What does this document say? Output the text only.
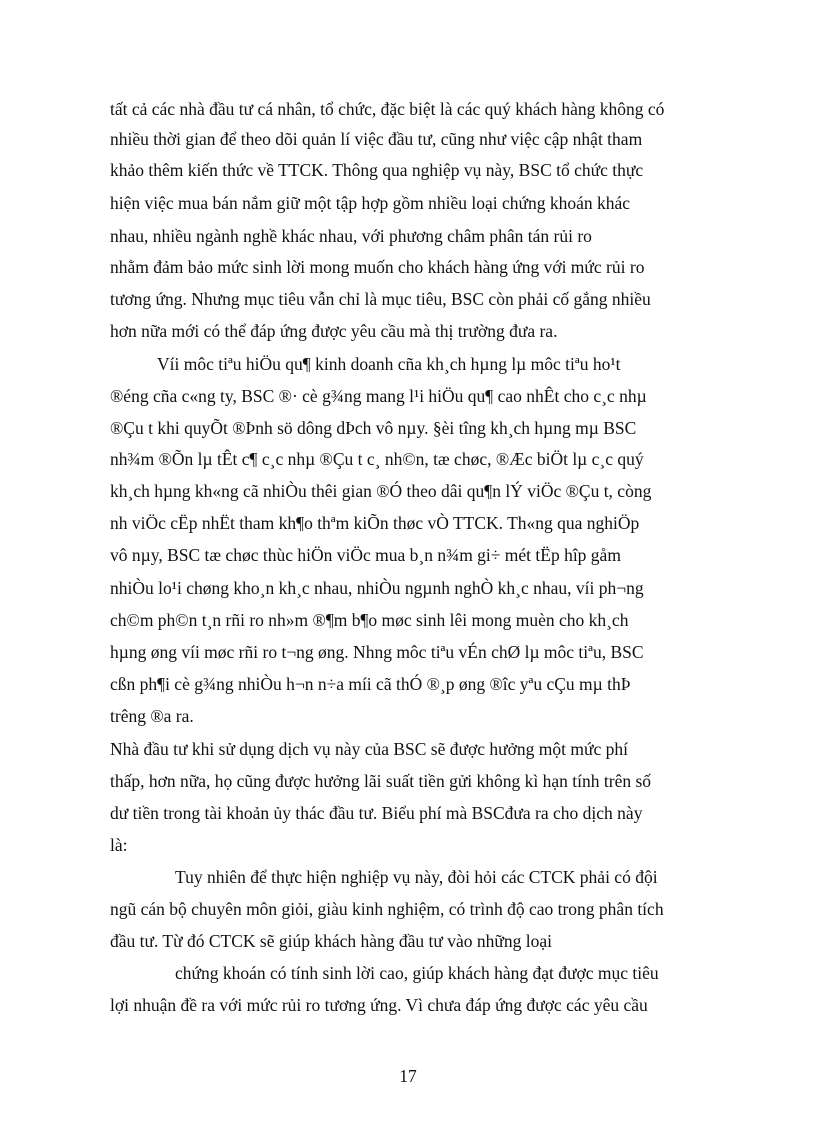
tất cả các nhà đầu tư cá nhân, tổ chức, đặc biệt là các quý khách hàng không có
nhiều thời gian để theo dõi quản lí việc đầu tư, cũng như việc cập nhật tham
khảo thêm kiến thức về TTCK. Thông qua nghiệp vụ này, BSC tổ chức thực
hiện việc mua bán nắm giữ một tập hợp gồm nhiều loại chứng khoán khác
nhau, nhiều ngành nghề khác nhau, với phương châm phân tán rủi ro
nhằm đảm bảo mức sinh lời mong muốn cho khách hàng ứng với mức rủi ro
tương ứng. Nhưng mục tiêu vẫn chỉ là mục tiêu, BSC còn phải cố gắng nhiều
hơn nữa mới có thể đáp ứng được yêu cầu mà thị trường đưa ra.
Víi môc tiªu hiÖu qu¶ kinh doanh cña kh¸ch hµng lµ môc tiªu ho¹t
®éng cña c«ng ty, BSC ®· cè g¾ng mang l¹i hiÖu qu¶ cao nhÊt cho c¸c nhµ
®Çu t khi quyÕt ®Þnh sö dông dÞch vô nµy. §èi tîng kh¸ch hµng mµ BSC
nh¾m ®Õn lµ tÊt c¶ c¸c nhµ ®Çu t c¸ nh©n, tæ chøc, ®Æc biÖt lµ c¸c quý
kh¸ch hµng kh«ng cã nhiÒu thêi gian ®Ó theo dâi qu¶n lÝ viÖc ®Çu t, còng
nh viÖc cËp nhËt tham kh¶o thªm kiÕn thøc vÒ TTCK. Th«ng qua nghiÖp
vô nµy, BSC tæ chøc thùc hiÖn viÖc mua b¸n n¾m gi÷ mét tËp hîp gåm
nhiÒu lo¹i chøng kho¸n kh¸c nhau, nhiÒu ngµnh nghÒ kh¸c nhau, víi ph¬ng
ch©m ph©n t¸n rñi ro nh»m ®¶m b¶o møc sinh lêi mong muèn cho kh¸ch
hµng øng víi møc rñi ro t¬ng øng. Nhng môc tiªu vÉn chØ lµ môc tiªu, BSC
cßn ph¶i cè g¾ng nhiÒu h¬n n÷a míi cã thÓ ®¸p øng ®îc yªu cÇu mµ thÞ
trêng ®a ra.
Nhà đầu tư khi sử dụng dịch vụ này của BSC sẽ được hưởng một mức phí
thấp, hơn nữa, họ cũng được hưởng lãi suất tiền gửi không kì hạn tính trên số
dư tiền trong tài khoản ủy thác đầu tư. Biểu phí mà BSCđưa ra cho dịch này
là:
Tuy nhiên để thực hiện nghiệp vụ này, đòi hỏi các CTCK phải có đội
ngũ cán bộ chuyên môn giỏi, giàu kinh nghiệm, có trình độ cao trong phân tích
đầu tư. Từ đó CTCK sẽ giúp khách hàng đầu tư vào những loại
chứng khoán có tính sinh lời cao, giúp khách hàng đạt được mục tiêu
lợi nhuận đề ra với mức rủi ro tương ứng. Vì chưa đáp ứng được các yêu cầu
17
